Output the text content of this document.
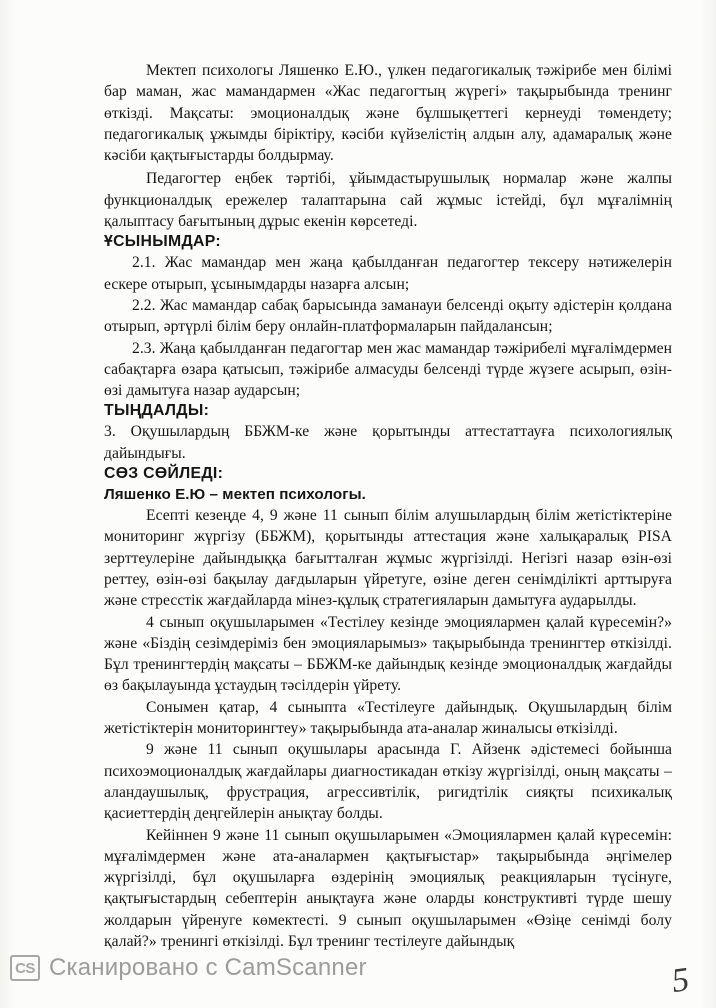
Мектеп психологы Ляшенко Е.Ю., үлкен педагогикалық тәжірибе мен білімі бар маман, жас мамандармен «Жас педагогтың жүрегі» тақырыбында тренинг өткізді. Мақсаты: эмоционалдық және бұлшықеттегі кернеуді төмендету; педагогикалық ұжымды біріктіру, кәсіби күйзелістің алдын алу, адамаралық және кәсіби қақтығыстарды болдырмау.

Педагогтер еңбек тәртібі, ұйымдастырушылық нормалар және жалпы функционалдық ережелер талаптарына сай жұмыс істейді, бұл мұғалімнің қалыптасу бағытының дұрыс екенін көрсетеді.

ҰСЫНЫМДАР:

2.1. Жас мамандар мен жаңа қабылданған педагогтер тексеру нәтижелерін ескере отырып, ұсынымдарды назарға алсын;

2.2. Жас мамандар сабақ барысында заманауи белсенді оқыту әдістерін қолдана отырып, әртүрлі білім беру онлайн-платформаларын пайдалансын;

2.3. Жаңа қабылданған педагогтар мен жас мамандар тәжірибелі мұғалімдермен сабақтарға өзара қатысып, тәжірибе алмасуды белсенді түрде жүзеге асырып, өзін-өзі дамытуға назар аударсын;

ТЫҢДАЛДЫ:

3. Оқушылардың ББЖМ-ке және қорытынды аттестаттауға психологиялық дайындығы.

СӨЗ СӨЙЛЕДІ:

Ляшенко Е.Ю – мектеп психологы.

Есепті кезеңде 4, 9 және 11 сынып білім алушылардың білім жетістіктеріне мониторинг жүргізу (ББЖМ), қорытынды аттестация және халықаралық PISA зерттеулеріне дайындыққа бағытталған жұмыс жүргізілді. Негізгі назар өзін-өзі реттеу, өзін-өзі бақылау дағдыларын үйретуге, өзіне деген сенімділікті арттыруға және стресстік жағдайларда мінез-құлық стратегияларын дамытуға аударылды.

4 сынып оқушыларымен «Тестілеу кезінде эмоциялармен қалай күресемін?» және «Біздің сезімдеріміз бен эмоцияларымыз» тақырыбында тренингтер өткізілді. Бұл тренингтердің мақсаты – ББЖМ-ке дайындық кезінде эмоционалдық жағдайды өз бақылауында ұстаудың тәсілдерін үйрету.

Сонымен қатар, 4 сыныпта «Тестілеуге дайындық. Оқушылардың білім жетістіктерін мониторингтеу» тақырыбында ата-аналар жиналысы өткізілді.

9 және 11 сынып оқушылары арасында Г. Айзенк әдістемесі бойынша психоэмоционалдық жағдайлары диагностикадан өткізу жүргізілді, оның мақсаты – аландаушылық, фрустрация, агрессивтілік, ригидтілік сияқты психикалық қасиеттердің деңгейлерін анықтау болды.

Кейіннен 9 және 11 сынып оқушыларымен «Эмоциялармен қалай күресемін: мұғалімдермен және ата-аналармен қақтығыстар» тақырыбында әңгімелер жүргізілді, бұл оқушыларға өздерінің эмоциялық реакцияларын түсінуге, қақтығыстардың себептерін анықтауға және оларды конструктивті түрде шешу жолдарын үйренуге көмектесті. 9 сынып оқушыларымен «Өзіңе сенімді болу қалай?» тренингі өткізілді. Бұл тренинг тестілеуге дайындық

CS Сканировано с CamScanner	5
